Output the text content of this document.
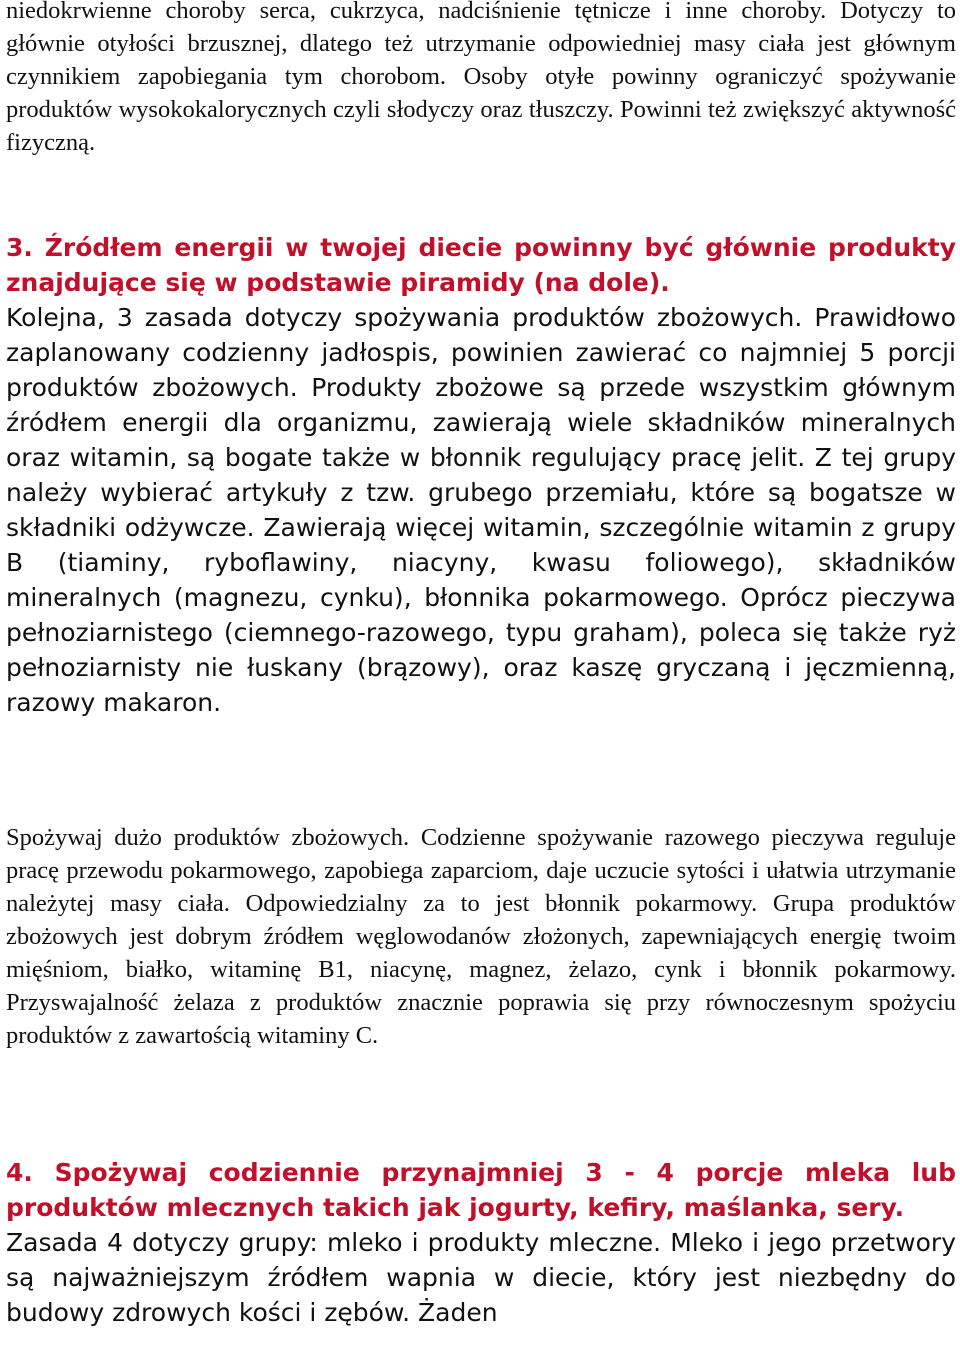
niedokrwienne choroby serca, cukrzyca, nadciśnienie tętnicze i inne choroby. Dotyczy to głównie otyłości brzusznej, dlatego też utrzymanie odpowiedniej masy ciała jest głównym czynnikiem zapobiegania tym chorobom. Osoby otyłe powinny ograniczyć spożywanie produktów wysokokalorycznych czyli słodyczy oraz tłuszczy. Powinni też zwiększyć aktywność fizyczną.

3. Źródłem energii w twojej diecie powinny być głównie produkty znajdujące się w podstawie piramidy (na dole).

Kolejna, 3 zasada dotyczy spożywania produktów zbożowych. Prawidłowo zaplanowany codzienny jadłospis, powinien zawierać co najmniej 5 porcji produktów zbożowych. Produkty zbożowe są przede wszystkim głównym źródłem energii dla organizmu, zawierają wiele składników mineralnych oraz witamin, są bogate także w błonnik regulujący pracę jelit. Z tej grupy należy wybierać artykuły z tzw. grubego przemiału, które są bogatsze w składniki odżywcze. Zawierają więcej witamin, szczególnie witamin z grupy B (tiaminy, ryboflawiny, niacyny, kwasu foliowego), składników mineralnych (magnezu, cynku), błonnika pokarmowego. Oprócz pieczywa pełnoziarnistego (ciemnego-razowego, typu graham), poleca się także ryż pełnoziarnisty nie łuskany (brązowy), oraz kaszę gryczaną i jęczmienną, razowy makaron.

Spożywaj dużo produktów zbożowych. Codzienne spożywanie razowego pieczywa reguluje pracę przewodu pokarmowego, zapobiega zaparciom, daje uczucie sytości i ułatwia utrzymanie należytej masy ciała. Odpowiedzialny za to jest błonnik pokarmowy. Grupa produktów zbożowych jest dobrym źródłem węglowodanów złożonych, zapewniających energię twoim mięśniom, białko, witaminę B1, niacynę, magnez, żelazo, cynk i błonnik pokarmowy. Przyswajalność żelaza z produktów znacznie poprawia się przy równoczesnym spożyciu produktów z zawartością witaminy C.

4. Spożywaj codziennie przynajmniej 3 - 4 porcje mleka lub produktów mlecznych takich jak jogurty, kefiry, maślanka, sery.

Zasada 4 dotyczy grupy: mleko i produkty mleczne. Mleko i jego przetwory są najważniejszym źródłem wapnia w diecie, który jest niezbędny do budowy zdrowych kości i zębów. Żaden
